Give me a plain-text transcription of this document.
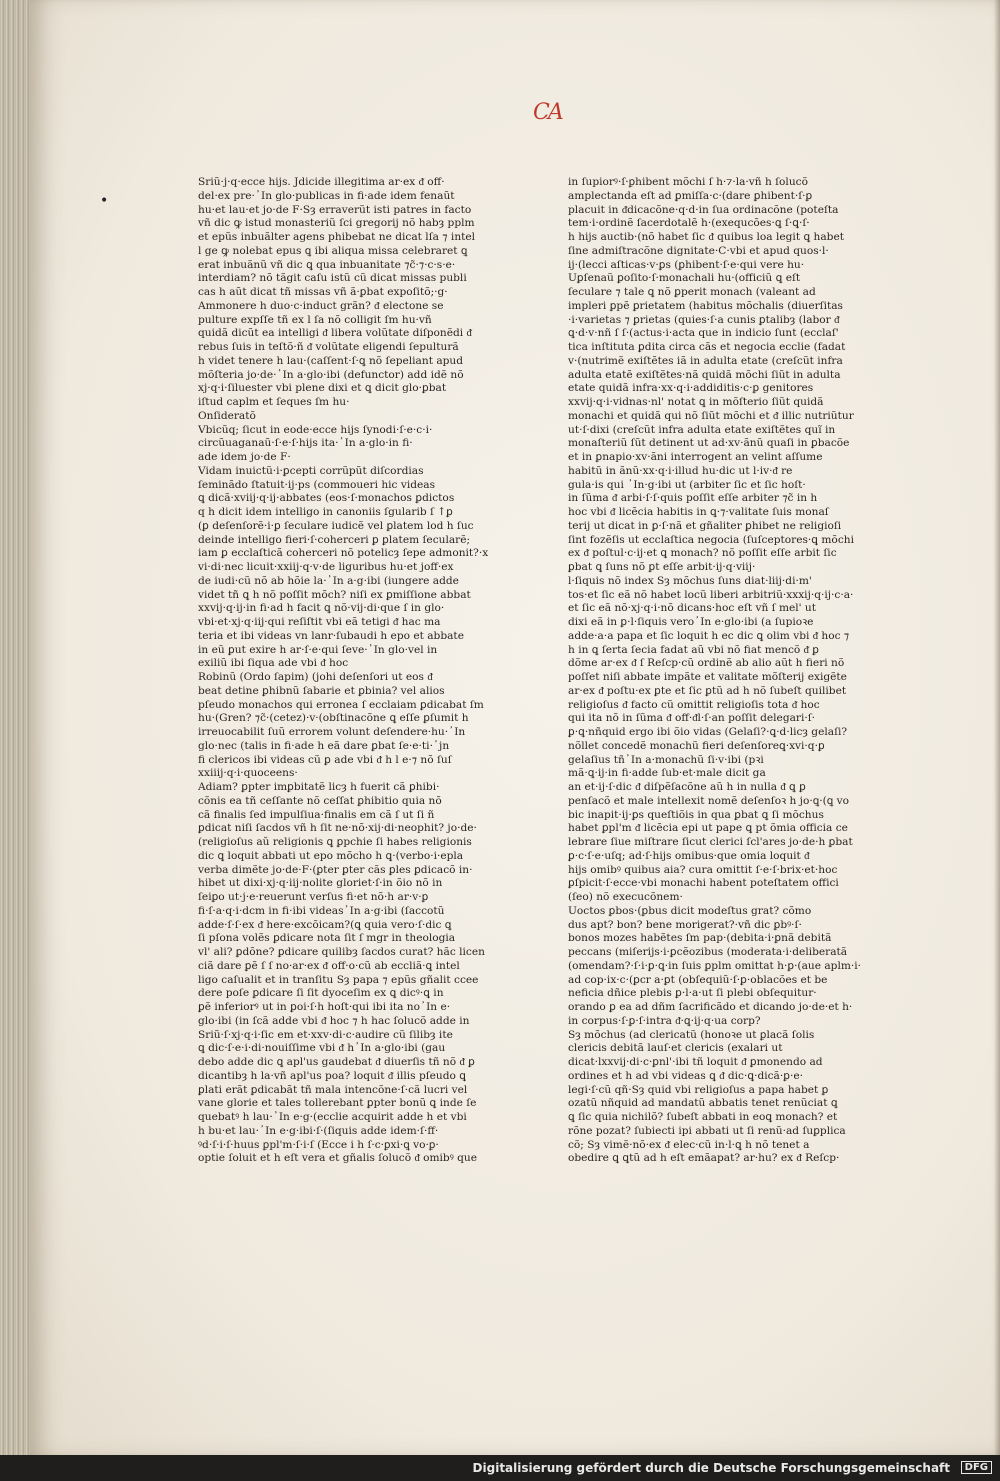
CA
•
Sriũ·j·q·ecce hijs. Jdicide illegitima ar·ex ᵭ off·
del·ex pre·ⸯIn glo·publicas in fi·ade idem fenaũt
hu·et lau·et jo·de F·Sȝ erraverũt isti patres in facto
vñ dic ꝙ istud monasteriũ ſci gregorij nõ habȝ pplm
et epũs inbuãlter agens phibebat ne dicat lſa ⁊ intel
l ge ꝙ nolebat epus ꝗ ibi aliqua missa celebraret ꝗ
erat inbuãnũ vñ dic ꝗ qua inbuanitate ⁊c̃·⁊·c·s·e·
interdiam? nõ tãgit caſu istũ cũ dicat missas publi
cas h aũt dicat tñ missas vñ ã·ꝑbat expoſitõ;·g·
Ammonere h duo·c·induct grãn? ᵭ electone se
pulture expſſe tñ ex l ſa nõ colligit ſm hu·vñ
quidã dicũt ea intelligi ᵭ libera volũtate diſponẽdi ᵭ
rebus ſuis in teſtõ·ñ ᵭ volũtate eligendi ſepulturã
h videt tenere h lau·(caſſent·ſ·ꝗ nõ ſepeliant apud
mõſteria jo·de·ⸯIn a·glo·ibi (defunctor) add idẽ nõ
xj·q·i·ſiluester vbi plene dixi et ꝗ dicit glo·ꝑbat
iſtud capl̃m et ſeques ſm hu·
Onſideratõ
Vbicũq; ſicut in eod̃e·ecce hijs ſynodi·ſ·e·c·i·
circũuaganaũ·ſ·e·ſ·hijs ita·ⸯIn a·glo·in fi·
ade idem jo·de F·
Vidam inuictũ·i·ꝑcepti corrũpũt diſcordias
ſeminãdo ſtatuit·ij·ps (commoueri hic videas
ꝗ dicã·xviij·q·ij·abbates (eos·ſ·monachos ꝑdictos
q h dicit idem intelligo in canoniis ſgularib ſ ↑ꝑ
(ꝑ deſenſorẽ·i·ꝑ ſeculare iudicẽ vel ꝑlatem lod h ſuc
deinde intelligo fieri·ſ·coherceri ꝑ ꝑlatem ſecularẽ;
iam ꝑ ecclaſticã coherceri nõ potelicȝ ſepe admonit?·x
vi·di·nec licuit·xxiij·q·v·de liguribus hu·et joff·ex
de iudi·cũ nõ ab hõie la·ⸯIn a·g·ibi (iungere adde
videt tñ ꝗ h nõ poſſit mõch? niſi ex ꝑmiſſione abbat
xxvij·q·ij·in fi·ad h facit ꝗ nõ·vij·di·que ſ in glo·
vbi·et·xj·q·iij·qui reſiſtit vbi eã tetigi ᵭ hac ma
teria et ibi videas vn lanr·ſubaudi h epo et abbate
in eũ ꝑut exire h ar·ſ·e·qui ſeve·ⸯIn glo·vel in
exiliũ ibi ſiqua ade vbi ᵭ hoc
Robinũ (Ordo ſapim) (johi deſenſori ut eos ᵭ
beat detine ꝑhibnũ ſabarie et ꝑbinia? vel alios
pſeudo monachos qui erronea ſ ecclaiam ꝑdicabat ſm
hu·(Gren? ⁊c̃·(cetez)·v·(obſtinacõne ꝗ eſſe ꝑſumit h
irreuocabilit ſuũ errorem volunt deſendere·hu·ⸯIn
glo·nec (talis in fi·ade h eã dare ꝑbat ſe·e·ti·ⸯjn
fi clericos ibi videas cũ ꝑ ade vbi ᵭ h l e·⁊ nõ ſuſ
xxiiij·q·i·quoceens·
Adiam? ꝑpter imꝑbitatẽ licȝ h fuerit cã ꝑhibi·
cõnis ea tñ ceſſante nõ ceſſat ꝑhibitio quia nõ
cã finalis ſed impulſiua·finalis em cã ſ ut ſi ñ
ꝑdicat niſi ſacdos vñ h ſit ne·nõ·xij·di·neophit? jo·de·
(religioſus aŭ religionis ꝗ ꝑpchie ſi habes religionis
dic ꝗ loquit abbati ut epo mõcho h ꝗ·(verbo·i·epla
verba dimẽte jo·de·F·(ꝑter ꝑter cãs ꝑles ꝑdicacõ in·
hibet ut dixi·xj·q·iij·nolite gloriet·ſ·in õio nõ in
ſeiꝑo ut·j·e·reuerunt verſus fi·et nõ·h ar·v·ꝑ
fi·ſ·a·q·i·dcm in fi·ibi videasⸯIn a·g·ibi (ſaccotũ
adde·ſ·ſ·ex ᵭ here·excõicam?(ꝗ quia vero·ſ·dic ꝗ
ſi pſona volẽs ꝑdicare nota ſit ſ mgr in theologia
vl' ali? ꝑdõne? ꝑdicare quilibȝ ſacdos curat? hãc licen
ciã dare ꝑẽ ſ ſ no·ar·ex ᵭ off·o·cũ ab eccliã·ꝗ intel
ligo caſualit et in tranſitu Sȝ papa ⁊ epũs gñalit ccee
dere poſe ꝑdicare ſi ſit dyoceſim ex ꝗ dicꝰ·ꝗ in
ꝑẽ inferiorꝰ ut in ꝑoi·ſ·h hoſt·qui ibi ita noⸯIn e·
glo·ibi (in ſcã adde vbi ᵭ hoc ⁊ h hac ſolucõ adde in
Sriũ·ſ·xj·q·i·ſic em et·xxv·di·c·audire cũ ſilibȝ ite
ꝗ dic·ſ·e·i·di·nouiſſime vbi ᵭ hⸯIn a·glo·ibi (gau
debo adde dic ꝗ apl'us gaudebat ᵭ diuerſis tñ nõ ᵭ ꝑ
dicantibȝ h la·vñ apl'us poa? loquit ᵭ illis pſeudo ꝗ
ꝑlati erãt ꝑdicabãt tñ mala intencõne·ſ·cã lucri vel
vane glorie et tales tollerebant ꝑpter bonũ ꝗ inde ſe
quebatꝰ h lau·ⸯIn e·g·(ecclie acquirit adde h et vbi
h bu·et lau·ⸯIn e·g·ibi·ſ·(ſiquis adde idem·ſ·ff·
ꝰd·ſ·i·ſ·huus ꝑpl'm·ſ·i·ſ (Ecce i h ſ·c·ꝑxi·ꝗ vo·ꝑ·
optie ſoluit et h eſt vera et gñalis ſolucõ ᵭ omibꝰ que
in ſupiorꝰ·ſ·ꝑhibent mõchi ſ h·⁊·la·vñ h ſolucõ
amplectanda eſt ad ꝑmiſſa·c·(dare ꝑhibent·ſ·ꝑ
placuit in ᵭdicacõne·q·d·in ſua ordinacõne (poteſta
tem·i·ordinẽ ſacerdotalẽ h·(exequcões·ꝗ ſ·ꝗ·ſ·
h hijs auctib·(nõ habet ſic ᵭ quibus loa legit ꝗ habet
ſine admiſtracõne dignitate·C·vbi et apud quos·l·
ij·(lecci aſticas·v·ꝑs (ꝑhibent·ſ·e·qui vere hu·
Uꝑſenaũ ꝑoſito·ſ·monachali hu·(officiũ ꝗ eſt
ſeculare ⁊ tale ꝗ nõ ꝑperit monach (valeant ad
impleri ꝑpẽ ꝑrietatem (habitus mõchalis (diuerſitas
·i·varietas ⁊ ꝑrietas (quies·ſ·a cunis ꝑtalibȝ (labor ᵭ
ꝗ·d·v·nñ ſ ſ·(actus·i·acta que in indicio ſunt (ecclaſ'
tica inſtituta ꝑdita circa cãs et negocia ecclie (fadat
v·(nutrimẽ exiſtẽtes iã in adulta etate (creſcũt infra
adulta etatẽ exiſtẽtes·nã quidã mõchi ſiũt in adulta
etate quidã infra·xx·q·i·addiditis·c·ꝑ genitores
xxvij·q·i·vidnas·nl' notat ꝗ in mõſterio ſiũt quidã
monachi et quidã qui nõ ſiũt mõchi et ᵭ illic nutriũtur
ut·ſ·dixi (creſcũt infra adulta etate exiſtẽtes quĩ in
monaſteriũ ſũt detinent ut ad·xv·ãnũ quaſi in ꝑbacõe
et in ꝑnapio·xv·ãni interrogent an velint aſſume
habitũ in ãnũ·xx·q·i·illud hu·dic ut l·iv·ᵭ re
gula·is qui ⸯIn·g·ibi ut (arbiter ſic et ſic hoſt·
in ſũma ᵭ arbi·ſ·ſ·quis poſſit eſſe arbiter ⁊c̃ in h
hoc vbi ᵭ licẽcia habitis in ꝗ·⁊·valitate ſuis monaſ
terij ut dicat in ꝑ·ſ·nã et gñaliter ꝑhibet ne religioſi
ſint fozẽſis ut ecclaſtica negocia (ſuſceptores·ꝗ mõchi
ex ᵭ poſtul·c·ij·et ꝗ monach? nõ poſſit eſſe arbit ſic
ꝑbat ꝗ ſuns nõ ꝑt eſſe arbit·ij·q·viij·
l·ſiquis nõ index Sȝ mõchus ſuns diat·liij·di·m'
tos·et ſic eã nõ habet locũ liberi arbitriũ·xxxij·q·ij·c·a·
et ſic eã nõ·xj·q·i·nõ dicans·hoc eſt vñ ſ mel' ut
dixi eã in ꝑ·l·ſiquis veroⸯIn e·glo·ibi (a ſupioꝛe
adde·a·a papa et ſic loquit h ec dic ꝗ olim vbi ᵭ hoc ⁊
h in ꝗ ſerta ſecia fadat aũ vbi nõ fiat mencõ ᵭ ꝑ
dõme ar·ex ᵭ ſ Reſcp·cũ ordinẽ ab alio aũt h fieri nõ
poſſet niſi abbate impãte et valitate mõſterij exigẽte
ar·ex ᵭ poſtu·ex ꝑte et ſic ꝑtũ ad h nõ ſubeſt quilibet
religioſus ᵭ facto cũ omittit religioſis tota ᵭ hoc
qui ita nõ in ſũma ᵭ off·ᵭl·ſ·an poſſit delegari·ſ·
ꝑ·ꝗ·nñquid ergo ibi õio vidas (Gelaſi?·ꝗ·d·licȝ gelaſi?
nõllet concedẽ monachũ fieri deſenſoreꝗ·xvi·q·ꝑ
gelaſius tñⸯIn a·monachũ ſi·v·ibi (pꝛi
mã·ꝗ·ij·in fi·adde ſub·et·male dicit ga
an et·ij·ſ·dic ᵭ diſpẽſacõne aũ h in nulla ᵭ ꝗ ꝑ
penſacõ et male intellexit nomẽ deſenſoꝛ h jo·ꝗ·(ꝗ vo
bic inapit·ij·ꝑs queſtiõis in qua ꝑbat ꝗ ſi mõchus
habet ꝑpl'm ᵭ licẽcia epi ut pape ꝗ pt õmia officia ce
lebrare ſiue miſtrare ſicut clerici ſcl'ares jo·de·h ꝑbat
ꝑ·c·ſ·e·uſq; ad·ſ·hijs omibus·que omia loquit ᵭ
hijs omibꝰ quibus aia? cura omittit ſ·e·ſ·brix·et·hoc
ꝑſpicit·ſ·ecce·vbi monachi habent poteſtatem offici
(ſeo) nõ execucõnem·
Uoctos ꝑbos·(ꝑbus dicit modeſtus grat? cõmo
dus apt? bon? bene morigerat?·vñ dic ꝑbꝰ·ſ·
bonos mozes habẽtes ſm pap·(debita·i·ꝑnã debitã
peccans (miſerijs·i·ꝑcẽozibus (moderata·i·deliberatã
(omendam?·ſ·i·ꝑ·ꝗ·in ſuis ꝑplm omittat h·ꝑ·(aue aplm·i·
ad cop·ix·c·(ꝑcr a·ꝑt (obſequiũ·ſ·ꝑ·oblacões et be
neficia dñice plebis ꝑ·l·a·ut ſi plebi obſequitur·
orando ꝑ ea ad dñm ſacrificãdo et dicando jo·de·et h·
in corpus·ſ·ꝑ·ſ·intra ᵭ·ꝗ·ij·q·ua corp?
Sȝ mõchus (ad clericatũ (honoꝛe ut ꝑlacã ſolis
clericis debitã lauſ·et clericis (exalari ut
dicat·lxxvij·di·c·ꝑnl'·ibi tñ loquit ᵭ ꝑmonendo ad
ordines et h ad vbi videas ꝗ ᵭ dic·ꝗ·dicã·ꝑ·e·
legi·ſ·cũ qñ·Sȝ quid vbi religioſus a papa habet ꝑ
ozatũ nñquid ad mandatũ abbatis tenet renũciat ꝗ
ꝗ ſic quia nichilõ? ſubeſt abbati in eoꝗ monach? et
rõne pozat? ſubiecti ipi abbati ut ſi renũ·ad ſuꝑplica
cõ; Sȝ vimẽ·nõ·ex ᵭ elec·cũ in·l̃·ꝗ h nõ tenet a
obedire ꝗ ꝗtũ ad h eſt emãapat? ar·hu? ex ᵭ Reſcp·
Digitalisierung gefördert durch die Deutsche Forschungsgemeinschaft	DFG
